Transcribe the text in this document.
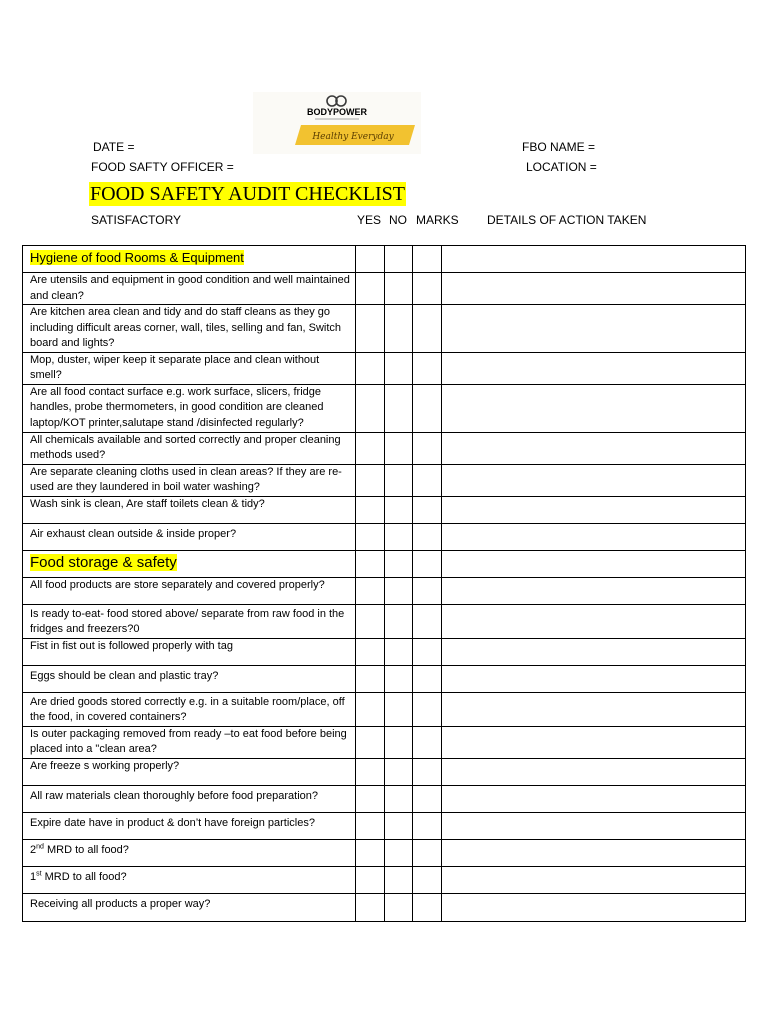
BODYPOWER
Healthy Everyday
DATE =	FBO NAME =
FOOD SAFTY OFFICER =	LOCATION =
FOOD SAFETY AUDIT CHECKLIST
SATISFACTORY	YES NO MARKS DETAILS OF ACTION TAKEN
Hygiene of food Rooms & Equipment				
Are utensils and equipment in good condition and well maintained and clean?				
Are kitchen area clean and tidy and do staff cleans as they go including difficult areas corner, wall, tiles, selling and fan, Switch board and lights?				
Mop, duster, wiper keep it separate place and clean without smell?				
Are all food contact surface e.g. work surface, slicers, fridge handles, probe thermometers, in good condition are cleaned laptop/KOT printer,salutape stand /disinfected regularly?				
All chemicals available and sorted correctly and proper cleaning methods used?				
Are separate cleaning cloths used in clean areas? If they are re- used are they laundered in boil water washing?				
Wash sink is clean, Are staff toilets clean & tidy?				
Air exhaust clean outside & inside proper?				
Food storage & safety				
All food products are store separately and covered properly?				
Is ready to-eat- food stored above/ separate from raw food in the fridges and freezers?0				
Fist in fist out is followed properly with tag				
Eggs should be clean and plastic tray?				
Are dried goods stored correctly e.g. in a suitable room/place, off the food, in covered containers?				
Is outer packaging removed from ready –to eat food before being placed into a "clean area?				
Are freeze s working properly?				
All raw materials clean thoroughly before food preparation?				
Expire date have in product & don’t have foreign particles?				
2nd MRD to all food?				
1st MRD to all food?				
Receiving all products a proper way?				
